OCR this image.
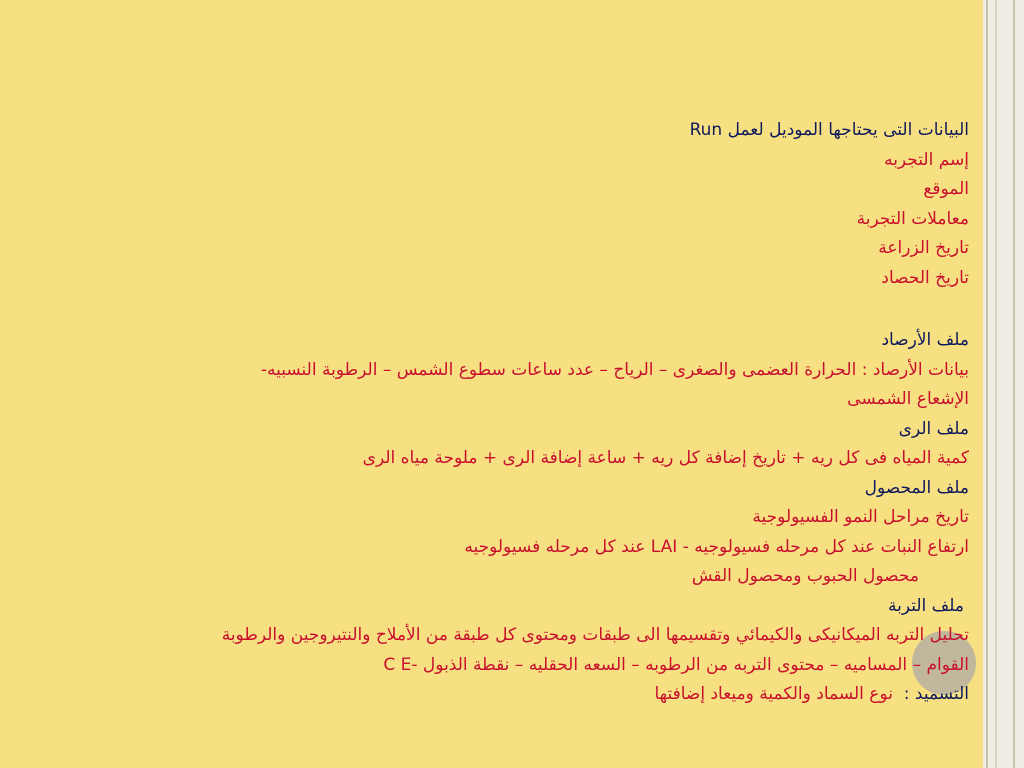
البيانات التى يحتاجها الموديل لعمل Run

إسم التجربه

الموقع

معاملات التجربة

تاريخ الزراعة

تاريخ الحصاد

ملف الأرصاد

بيانات الأرصاد : الحرارة العضمى والصغرى – الرياح – عدد ساعات سطوع الشمس – الرطوبة النسبيه-

الإشعاع الشمسى

ملف الرى

كمية المياه فى كل ريه + تاريخ إضافة كل ريه + ساعة إضافة الرى + ملوحة مياه الرى

ملف المحصول

تاريخ مراحل النمو الفسيولوجية

ارتفاع النبات عند كل مرحله فسيولوجيه - LAI عند كل مرحله فسيولوجيه

محصول الحبوب ومحصول القش

ملف التربة

تحليل التربه الميكانيكى والكيمائي وتقسيمها الى طبقات ومحتوى كل طبقة من الأملاح والنتيروجين والرطوبة

القوام – المساميه – محتوى التربه من الرطوبه – السعه الحقليه – نقطة الذبول -C E

التسميد :  نوع السماد والكمية وميعاد إضافتها
